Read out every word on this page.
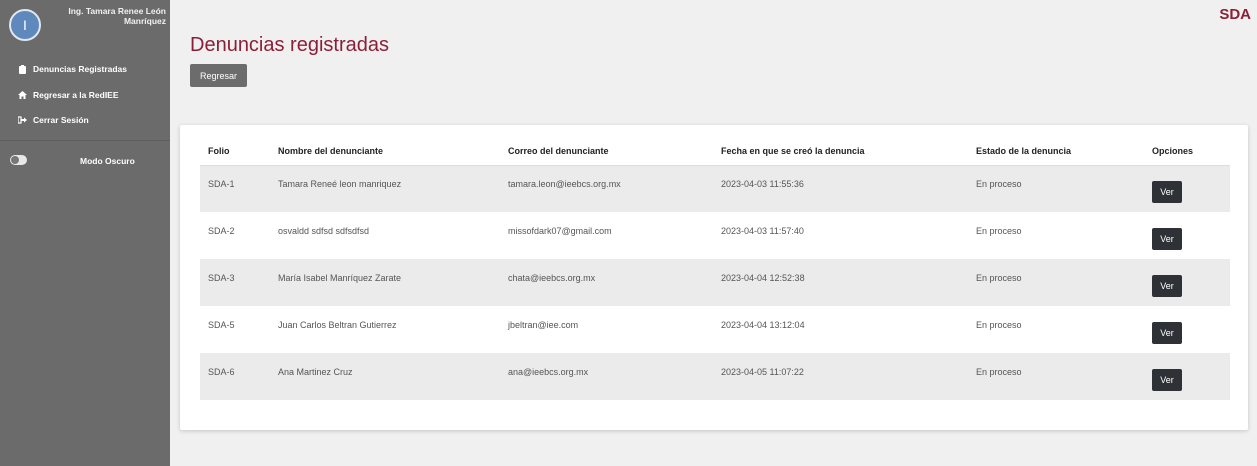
I
Ing. Tamara Renee León Manríquez
Denuncias Registradas
Regresar a la RedIEE
Cerrar Sesión
Modo Oscuro
SDA
Denuncias registradas
Regresar
Folio	Nombre del denunciante	Correo del denunciante	Fecha en que se creó la denuncia	Estado de la denuncia	Opciones

SDA-1	Tamara Reneé leon manriquez	tamara.leon@ieebcs.org.mx	2023-04-03 11:55:36	En proceso	Ver

SDA-2	osvaldd sdfsd sdfsdfsd	missofdark07@gmail.com	2023-04-03 11:57:40	En proceso	Ver

SDA-3	María Isabel Manríquez Zarate	chata@ieebcs.org.mx	2023-04-04 12:52:38	En proceso	Ver

SDA-5	Juan Carlos Beltran Gutierrez	jbeltran@iee.com	2023-04-04 13:12:04	En proceso	Ver

SDA-6	Ana Martinez Cruz	ana@ieebcs.org.mx	2023-04-05 11:07:22	En proceso	Ver
